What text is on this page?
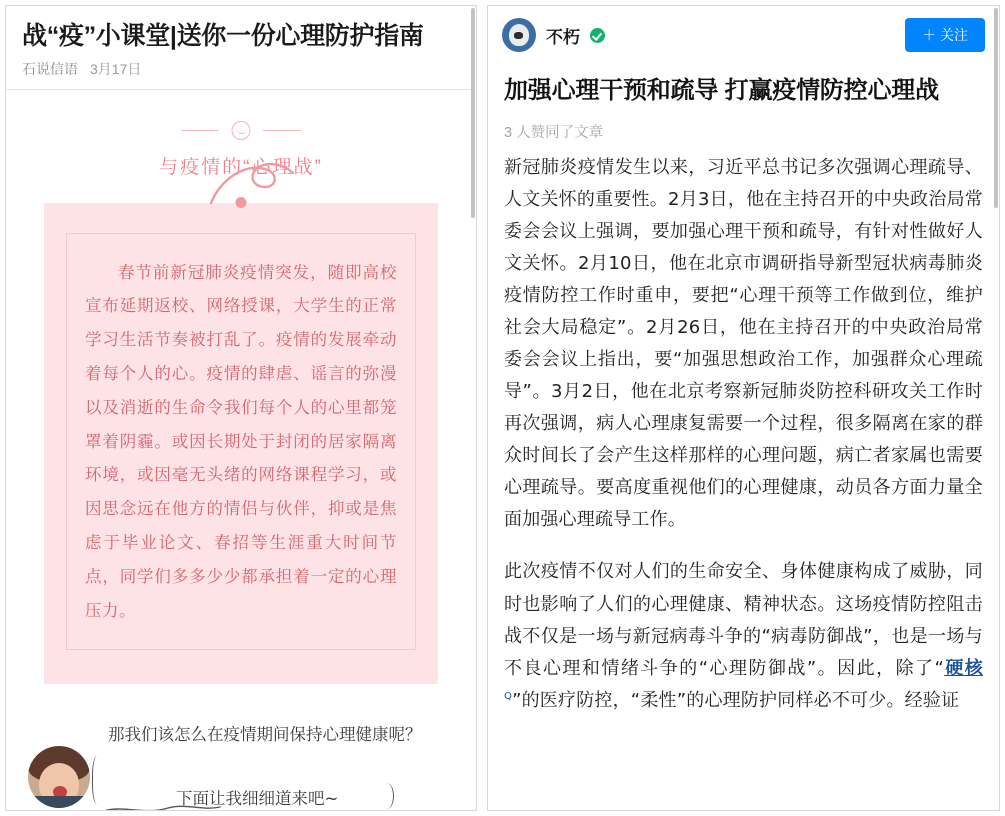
战“疫”小课堂|送你一份心理防护指南
石说信语 3月17日
与疫情的“心理战”
春节前新冠肺炎疫情突发，随即高校宣布延期返校、网络授课，大学生的正常学习生活节奏被打乱了。疫情的发展牵动着每个人的心。疫情的肆虐、谣言的弥漫以及消逝的生命令我们每个人的心里都笼罩着阴霾。或因长期处于封闭的居家隔离环境，或因毫无头绪的网络课程学习，或因思念远在他方的情侣与伙伴，抑或是焦虑于毕业论文、春招等生涯重大时间节点，同学们多多少少都承担着一定的心理压力。
那我们该怎么在疫情期间保持心理健康呢？
下面让我细细道来吧~
不朽	＋ 关注
加强心理干预和疏导 打赢疫情防控心理战
3 人赞同了文章
新冠肺炎疫情发生以来，习近平总书记多次强调心理疏导、人文关怀的重要性。2月3日，他在主持召开的中央政治局常委会会议上强调，要加强心理干预和疏导，有针对性做好人文关怀。2月10日，他在北京市调研指导新型冠状病毒肺炎疫情防控工作时重申，要把“心理干预等工作做到位，维护社会大局稳定”。2月26日，他在主持召开的中央政治局常委会会议上指出，要“加强思想政治工作，加强群众心理疏导”。3月2日，他在北京考察新冠肺炎防控科研攻关工作时再次强调，病人心理康复需要一个过程，很多隔离在家的群众时间长了会产生这样那样的心理问题，病亡者家属也需要心理疏导。要高度重视他们的心理健康，动员各方面力量全面加强心理疏导工作。
此次疫情不仅对人们的生命安全、身体健康构成了威胁，同时也影响了人们的心理健康、精神状态。这场疫情防控阻击战不仅是一场与新冠病毒斗争的“病毒防御战”，也是一场与不良心理和情绪斗争的“心理防御战”。因此，除了“硬核$^Q$”的医疗防控，“柔性”的心理防护同样必不可少。经验证
